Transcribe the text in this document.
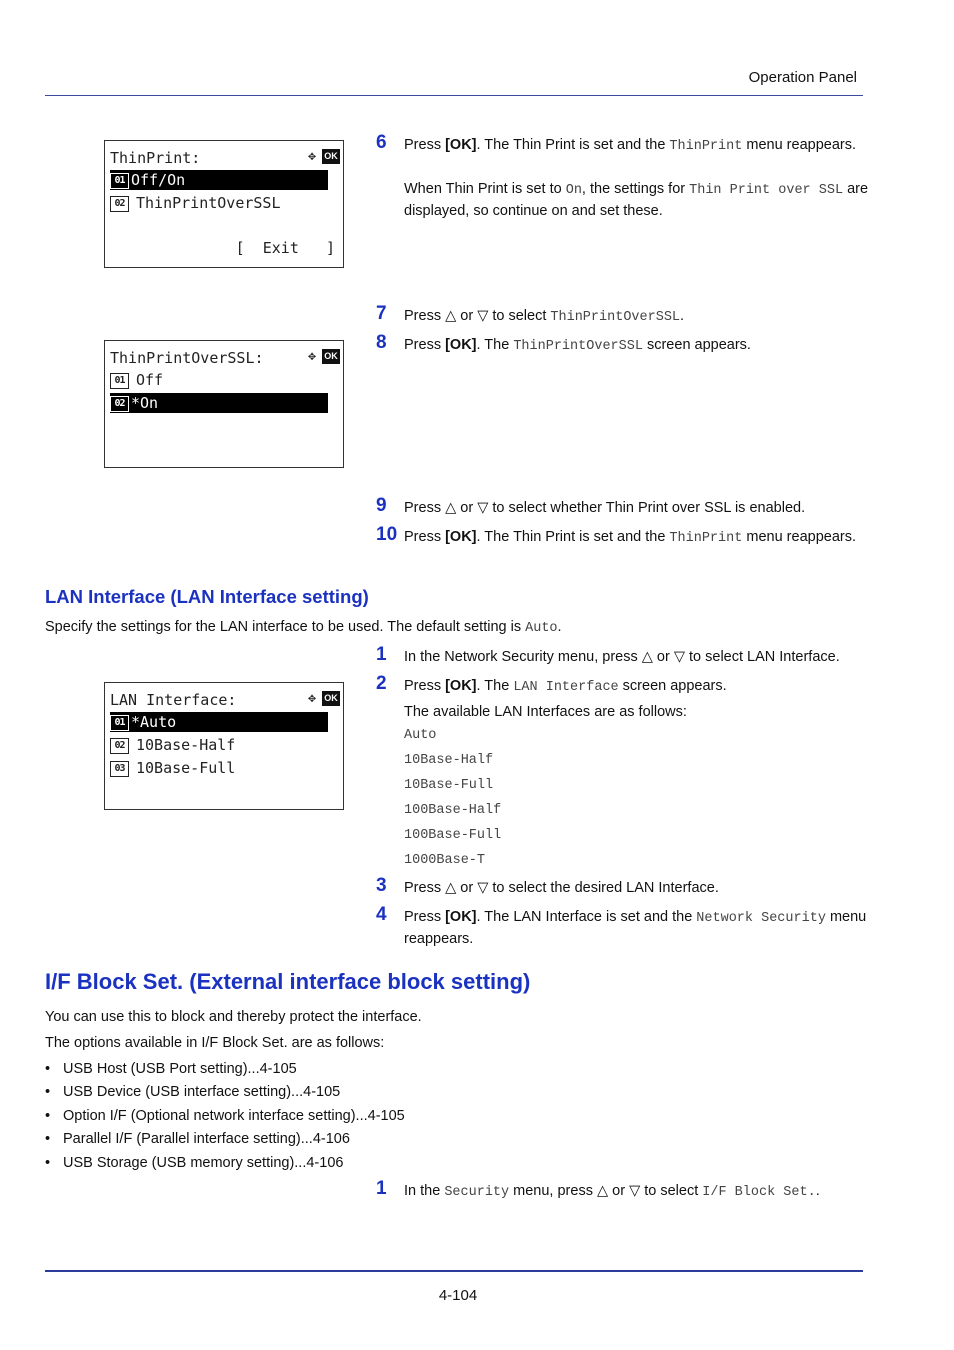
Operation Panel
ThinPrint:	✥ OK
01 Off/On
02 ThinPrintOverSSL
[  Exit   ]
ThinPrintOverSSL:	✥ OK
01 Off
02 *On
6 Press [OK]. The Thin Print is set and the ThinPrint menu reappears.
When Thin Print is set to On, the settings for Thin Print over SSL are displayed, so continue on and set these.
7 Press △ or ▽ to select ThinPrintOverSSL.
8 Press [OK]. The ThinPrintOverSSL screen appears.
9 Press △ or ▽ to select whether Thin Print over SSL is enabled.
10 Press [OK]. The Thin Print is set and the ThinPrint menu reappears.
LAN Interface (LAN Interface setting)

Specify the settings for the LAN interface to be used. The default setting is Auto.

LAN Interface:	✥ OK
01 *Auto
02 10Base-Half
03 10Base-Full
1 In the Network Security menu, press △ or ▽ to select LAN Interface.
2 Press [OK]. The LAN Interface screen appears.
The available LAN Interfaces are as follows:
Auto
10Base-Half
10Base-Full
100Base-Half
100Base-Full
1000Base-T
3 Press △ or ▽ to select the desired LAN Interface.
4 Press [OK]. The LAN Interface is set and the Network Security menu reappears.
I/F Block Set. (External interface block setting)

You can use this to block and thereby protect the interface.

The options available in I/F Block Set. are as follows:

• USB Host (USB Port setting)...4-105
• USB Device (USB interface setting)...4-105
• Option I/F (Optional network interface setting)...4-105
• Parallel I/F (Parallel interface setting)...4-106
• USB Storage (USB memory setting)...4-106
1 In the Security menu, press △ or ▽ to select I/F Block Set..
4-104
